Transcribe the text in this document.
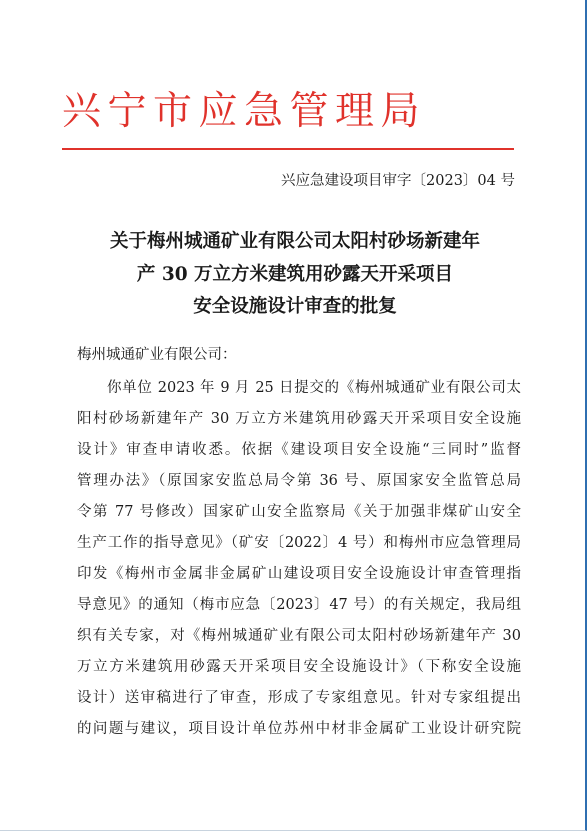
兴宁市应急管理局
兴应急建设项目审字〔2023〕04 号
关于梅州城通矿业有限公司太阳村砂场新建年
产 30 万立方米建筑用砂露天开采项目
安全设施设计审查的批复
梅州城通矿业有限公司：
你单位 2023 年 9 月 25 日提交的《梅州城通矿业有限公司太
阳村砂场新建年产 30 万立方米建筑用砂露天开采项目安全设施
设计》审查申请收悉。依据《建设项目安全设施“三同时”监督
管理办法》（原国家安监总局令第 36 号、原国家安全监管总局
令第 77 号修改）国家矿山安全监察局《关于加强非煤矿山安全
生产工作的指导意见》（矿安〔2022〕4 号）和梅州市应急管理局
印发《梅州市金属非金属矿山建设项目安全设施设计审查管理指
导意见》的通知（梅市应急〔2023〕47 号）的有关规定，我局组
织有关专家，对《梅州城通矿业有限公司太阳村砂场新建年产 30
万立方米建筑用砂露天开采项目安全设施设计》（下称安全设施
设计）送审稿进行了审查，形成了专家组意见。针对专家组提出
的问题与建议，项目设计单位苏州中材非金属矿工业设计研究院
